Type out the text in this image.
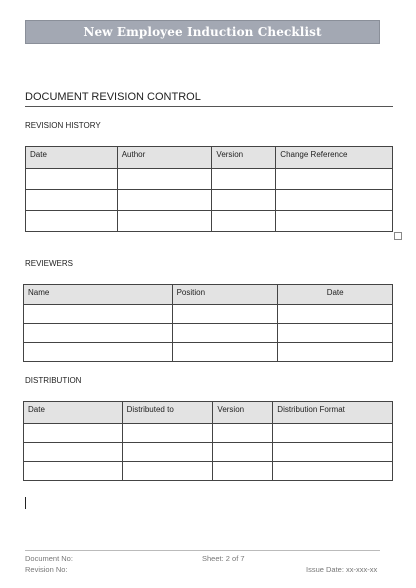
New Employee Induction Checklist
DOCUMENT REVISION CONTROL
REVISION HISTORY
Date	Author	Version	Change Reference

REVIEWERS
Name	Position	Date

DISTRIBUTION
Date	Distributed to	Version	Distribution Format

Document No:
Revision No:
Sheet: 2 of 7
Issue Date: xx-xxx-xx
